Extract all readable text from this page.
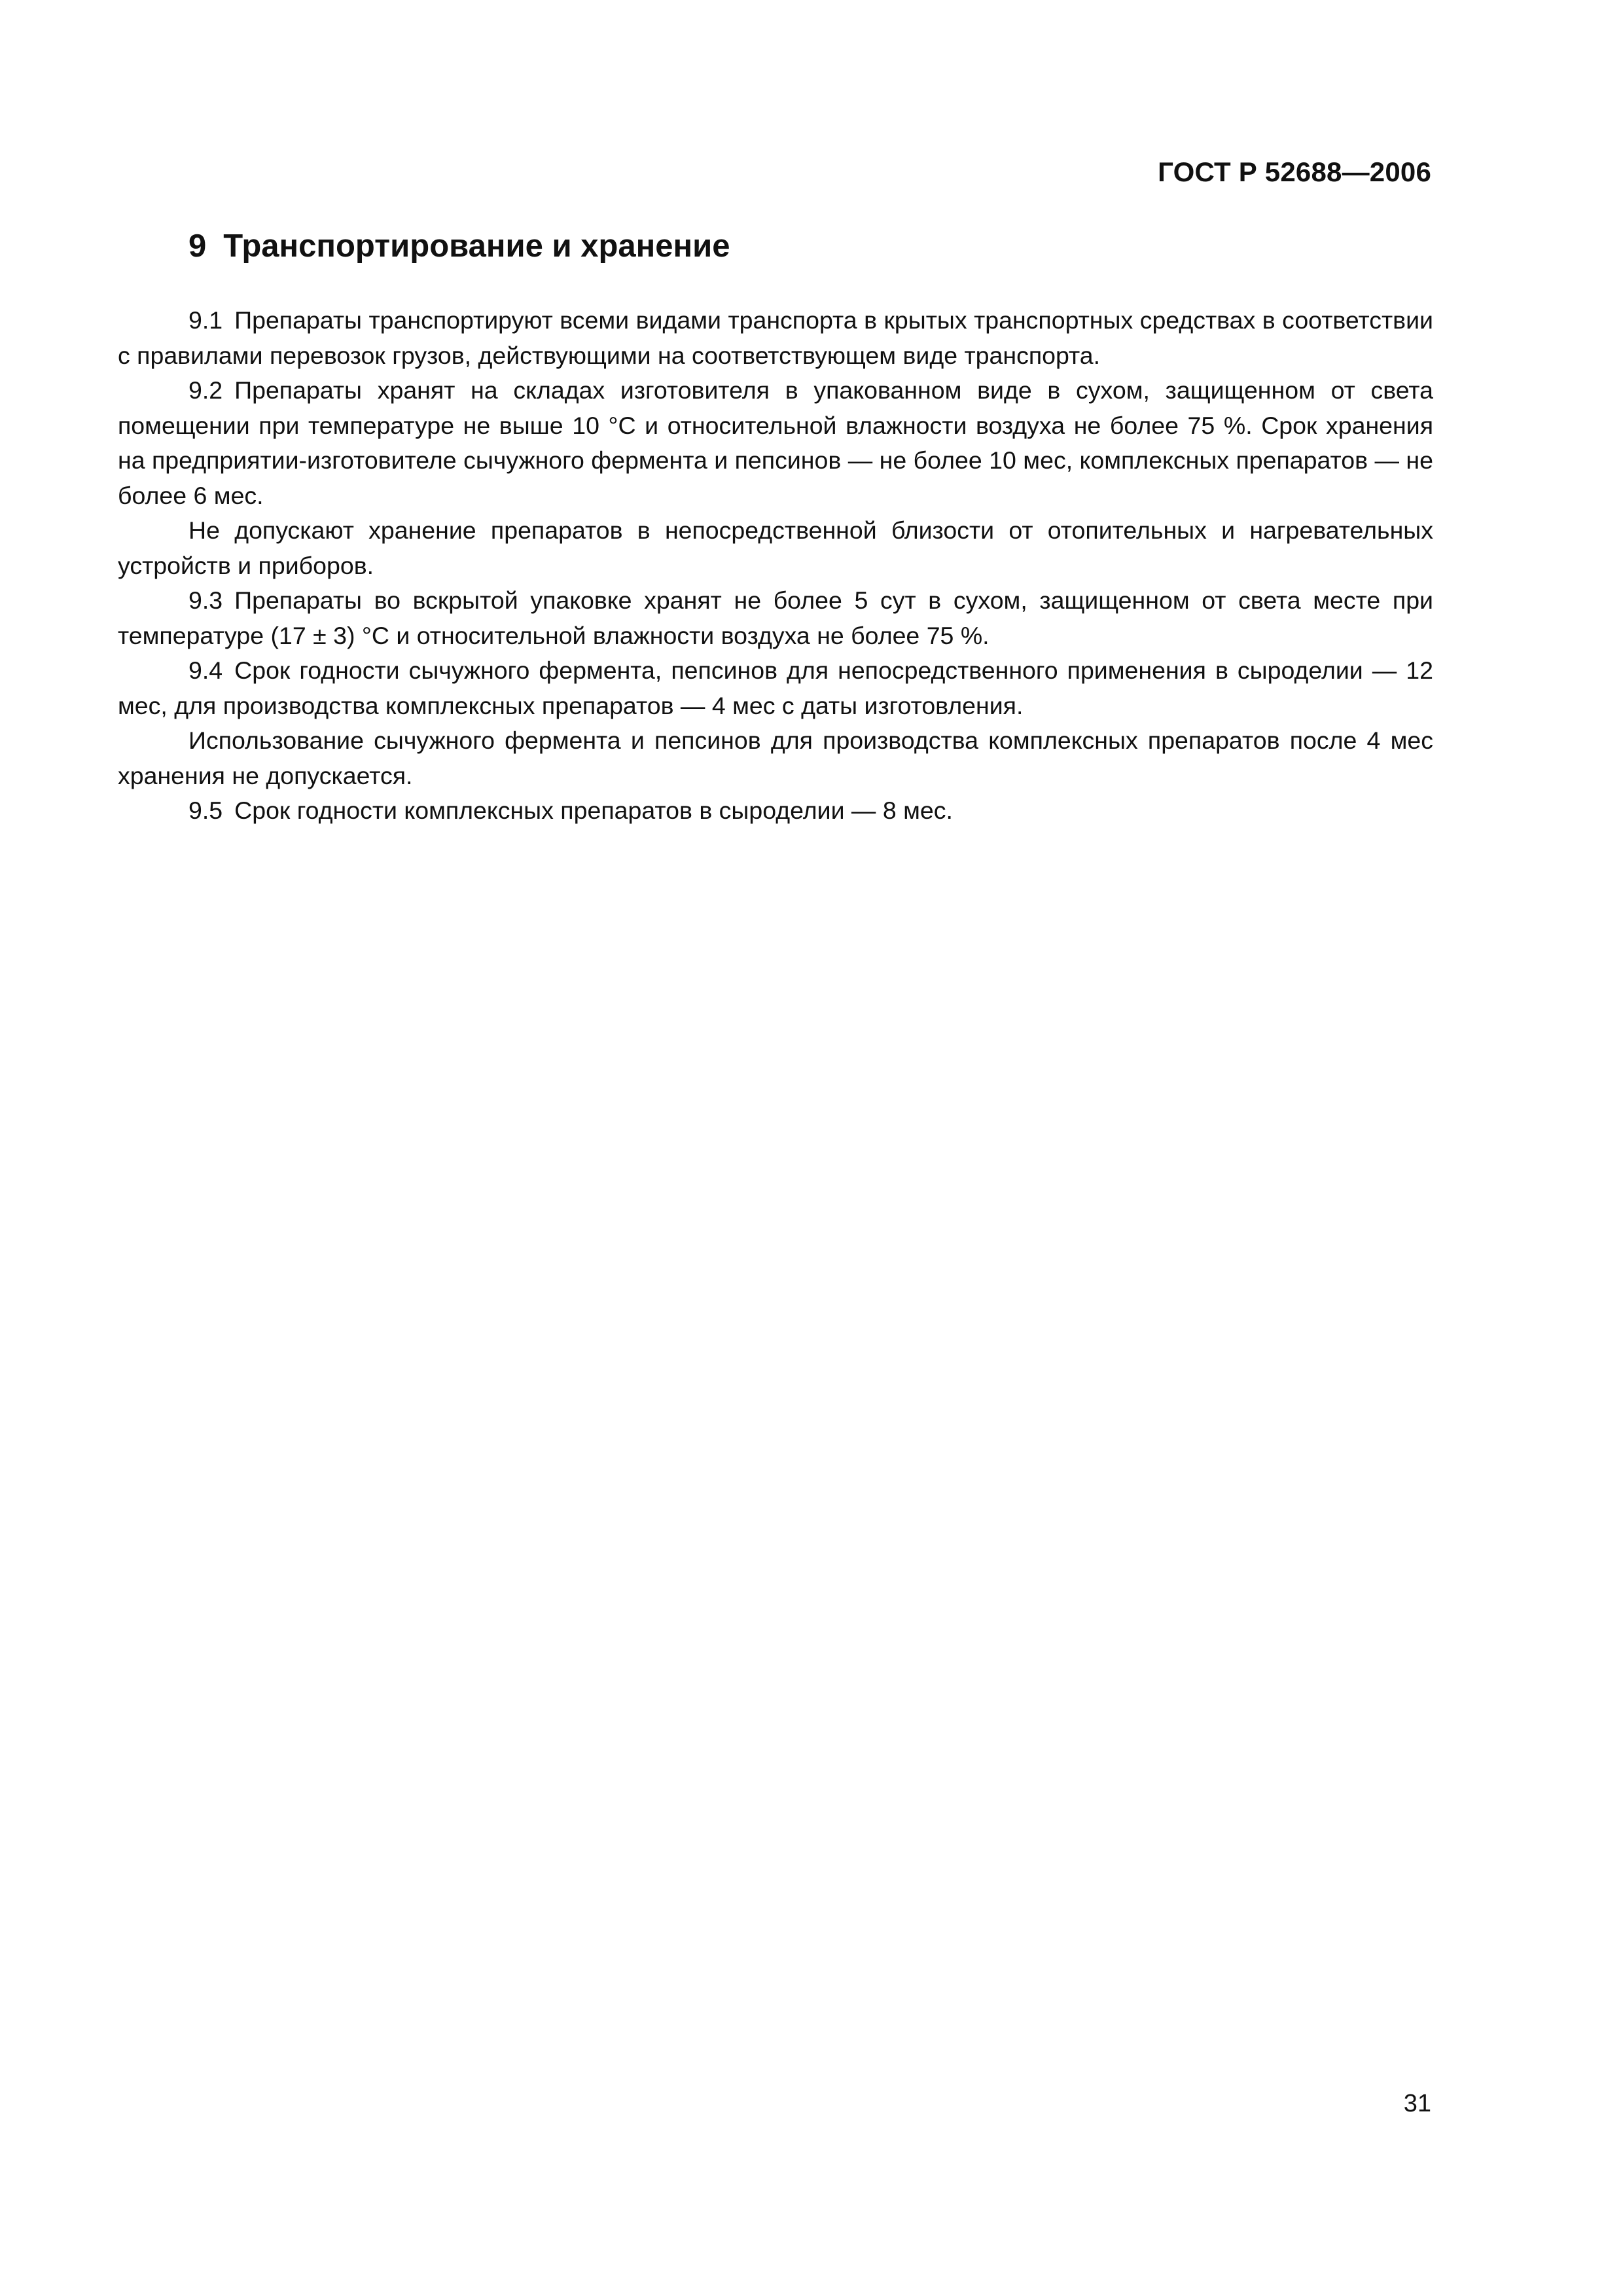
ГОСТ Р 52688—2006
9 Транспортирование и хранение

9.1 Препараты транспортируют всеми видами транспорта в крытых транспортных средствах в соответствии с правилами перевозок грузов, действующими на соответствующем виде транспорта.

9.2 Препараты хранят на складах изготовителя в упакованном виде в сухом, защищенном от света помещении при температуре не выше 10 °С и относительной влажности воздуха не более 75 %. Срок хранения на предприятии-изготовителе сычужного фермента и пепсинов — не более 10 мес, комплексных препаратов — не более 6 мес.

Не допускают хранение препаратов в непосредственной близости от отопительных и нагревательных устройств и приборов.

9.3 Препараты во вскрытой упаковке хранят не более 5 сут в сухом, защищенном от света месте при температуре (17 ± 3) °С и относительной влажности воздуха не более 75 %.

9.4 Срок годности сычужного фермента, пепсинов для непосредственного применения в сыроделии — 12 мес, для производства комплексных препаратов — 4 мес с даты изготовления.

Использование сычужного фермента и пепсинов для производства комплексных препаратов после 4 мес хранения не допускается.

9.5 Срок годности комплексных препаратов в сыроделии — 8 мес.

31
